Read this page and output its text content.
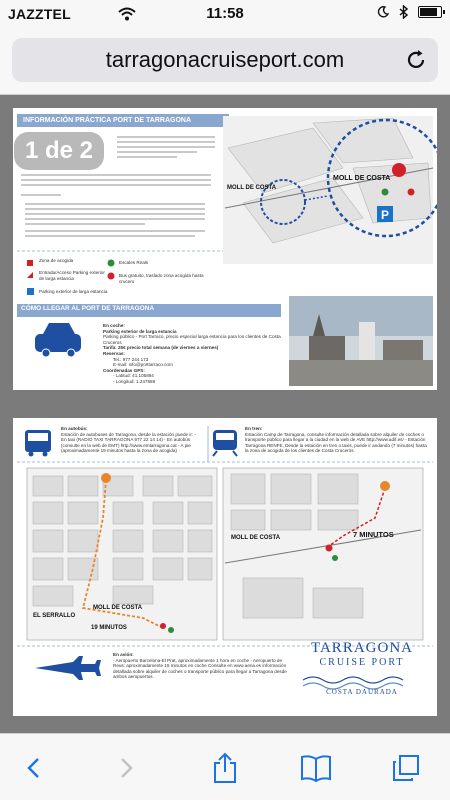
JAZZTEL	11:58
tarragonacruiseport.com
INFORMACIÓN PRÁCTICA PORT DE TARRAGONA
P
1 de 2
MOLL DE COSTA
MOLL DE COSTA
Zona de acogida
Entrada/Acceso Parking exterior de larga estancia
Parking exterior de larga estancia
Escales Reals
Bus gratuito, traslado zona acogida hasta crucero
CÓMO LLEGAR AL PORT DE TARRAGONA
En coche:
Parking exterior de larga estancia
Parking público - Port Tarraco, precio especial larga estancia para los clientes de Costa Cruceros
Tarifa: 25€ precio total semana (de viernes a viernes)
Reservas:
Tel.: 977 244 173
E-mail: info@porttarraco.com
Coordenadas GPS:
- Latitud: 41.105894
- Longitud: 1.247589
En autobús:
Estación de autobuses de Tarragona, desde la estación puede ir: - En taxi (RADIO TAXI TARRAGONA 977 22 14 14) - En autobús (consulte en la web de EMT) http://www.emtarragona.cat - A pie (aproximadamente 19 minutos hasta la zona de acogida)
En tren:
Estación Camp de Tarragona, consulte información detallada sobre alquiler de coches o transporte público para llegar a la ciudad en la web de AVE http://www.adif.es/ - Estación Tarragona RENFE, Desde la estación en tren o taxis, puede ir andando (7 minutos) hasta la zona de acogida de los clientes de Costa Cruceros
MOLL DE COSTA
EL SERRALLO
19 MINUTOS
MOLL DE COSTA	7 MINUTOS
En avión:
- Aeropuerto Barcelona-El Prat, aproximadamente 1 hora en coche - Aeropuerto de Reus: aproximadamente 15 minutos en coche Consulte en www.aena.es información detallada sobre alquiler de coches o transporte público para llegar a Tarragona desde ambos aeropuertos.
TARRAGONA
CRUISE PORT
COSTA DAURADA
